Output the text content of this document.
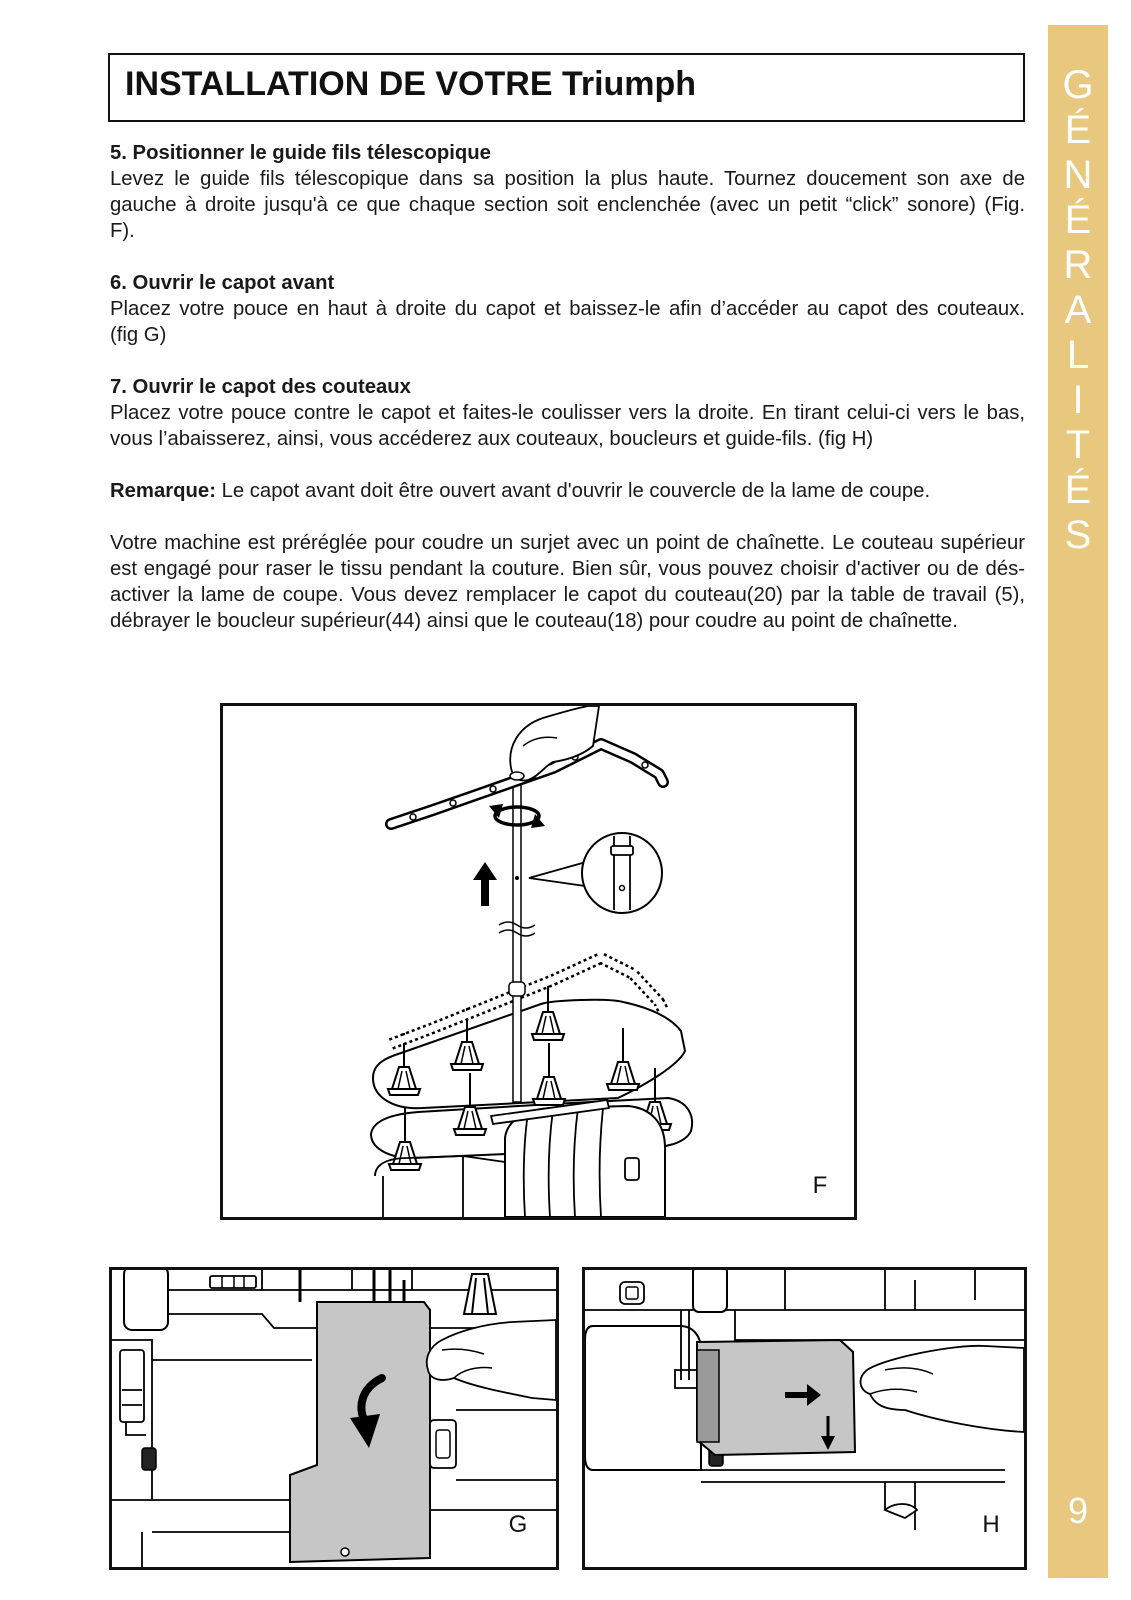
INSTALLATION DE VOTRE Triumph	G
É
N
É
R
A
L
I
T
É
S
9
5. Positionner le guide fils télescopique
Levez le guide fils télescopique dans sa position la plus haute. Tournez doucement son axe de
gauche à droite jusqu'à ce que chaque section soit enclenchée (avec un petit “click” sonore) (Fig.
F).
6. Ouvrir le capot avant
Placez votre pouce en haut à droite du capot et baissez-le afin d’accéder au capot des couteaux.
(fig G)
7. Ouvrir le capot des couteaux
Placez votre pouce contre le capot et faites-le coulisser vers la droite. En tirant celui-ci vers le bas,
vous l’abaisserez, ainsi, vous accéderez aux couteaux, boucleurs et guide-fils. (fig H)
Remarque: Le capot avant doit être ouvert avant d'ouvrir le couvercle de la lame de coupe.
Votre machine est préréglée pour coudre un surjet avec un point de chaînette. Le couteau supérieur
est engagé pour raser le tissu pendant la couture. Bien sûr, vous pouvez choisir d'activer ou de dés-
activer la lame de coupe. Vous devez remplacer le capot du couteau(20) par la table de travail (5),
débrayer le boucleur supérieur(44) ainsi que le couteau(18) pour coudre au point de chaînette.
F
G	H
